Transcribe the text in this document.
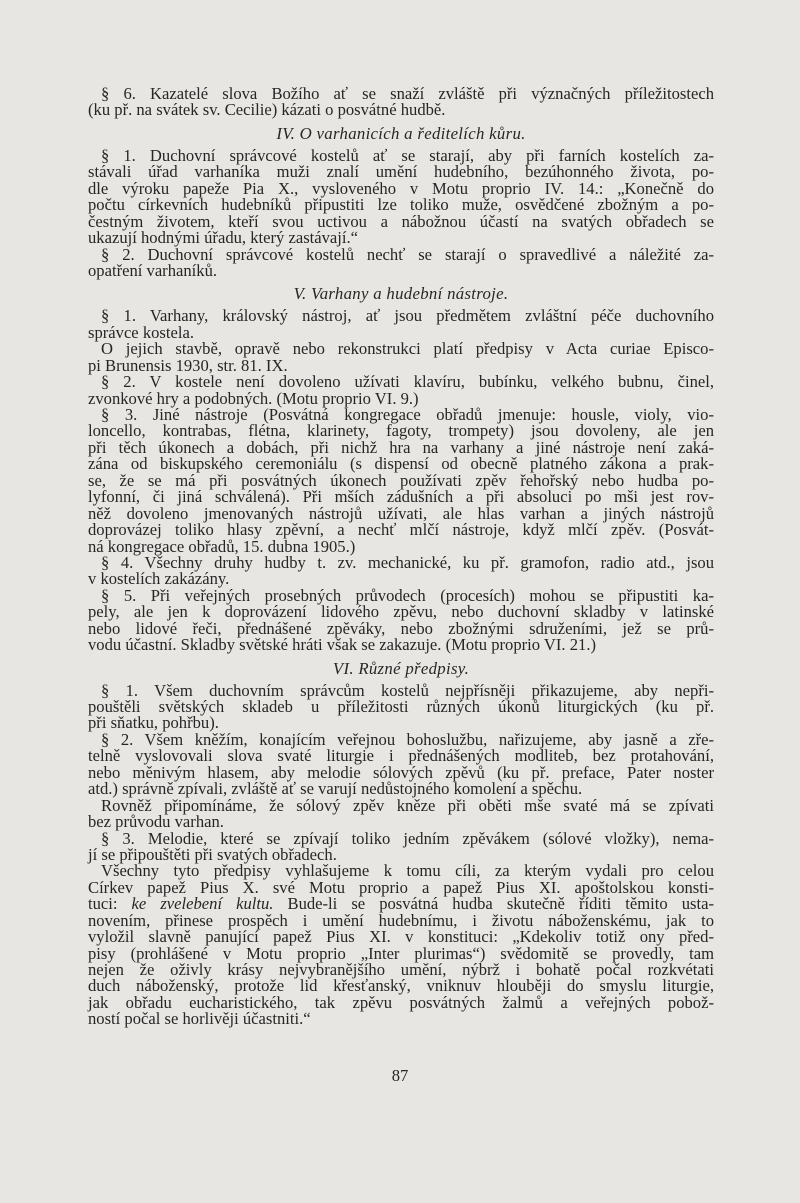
§ 6. Kazatelé slova Božího ať se snaží zvláště při význačných příležitostech
(ku př. na svátek sv. Cecilie) kázati o posvátné hudbě.
IV. O varhanicích a ředitelích kůru.
§ 1. Duchovní správcové kostelů ať se starají, aby při farních kostelích za-
stávali úřad varhaníka muži znalí umění hudebního, bezúhonného života, po-
dle výroku papeže Pia X., vysloveného v Motu proprio IV. 14.: „Konečně do
počtu církevních hudebníků připustiti lze toliko muže, osvědčené zbožným a po-
čestným životem, kteří svou uctivou a nábožnou účastí na svatých obřadech se
ukazují hodnými úřadu, který zastávají.“
§ 2. Duchovní správcové kostelů nechť se starají o spravedlivé a náležité za-
opatření varhaníků.
V. Varhany a hudební nástroje.
§ 1. Varhany, královský nástroj, ať jsou předmětem zvláštní péče duchovního
správce kostela.
O jejich stavbě, opravě nebo rekonstrukci platí předpisy v Acta curiae Episco-
pi Brunensis 1930, str. 81. IX.
§ 2. V kostele není dovoleno užívati klavíru, bubínku, velkého bubnu, činel,
zvonkové hry a podobných. (Motu proprio VI. 9.)
§ 3. Jiné nástroje (Posvátná kongregace obřadů jmenuje: housle, violy, vio-
loncello, kontrabas, flétna, klarinety, fagoty, trompety) jsou dovoleny, ale jen
při těch úkonech a dobách, při nichž hra na varhany a jiné nástroje není zaká-
zána od biskupského ceremoniálu (s dispensí od obecně platného zákona a prak-
se, že se má při posvátných úkonech používati zpěv řehořský nebo hudba po-
lyfonní, či jiná schválená). Při mších zádušních a při absoluci po mši jest rov-
něž dovoleno jmenovaných nástrojů užívati, ale hlas varhan a jiných nástrojů
doprovázej toliko hlasy zpěvní, a nechť mlčí nástroje, když mlčí zpěv. (Posvát-
ná kongregace obřadů, 15. dubna 1905.)
§ 4. Všechny druhy hudby t. zv. mechanické, ku př. gramofon, radio atd., jsou
v kostelích zakázány.
§ 5. Při veřejných prosebných průvodech (procesích) mohou se připustiti ka-
pely, ale jen k doprovázení lidového zpěvu, nebo duchovní skladby v latinské
nebo lidové řeči, přednášené zpěváky, nebo zbožnými sdruženími, jež se prů-
vodu účastní. Skladby světské hráti však se zakazuje. (Motu proprio VI. 21.)
VI. Různé předpisy.
§ 1. Všem duchovním správcům kostelů nejpřísněji přikazujeme, aby nepři-
pouštěli světských skladeb u příležitosti různých úkonů liturgických (ku př.
při sňatku, pohřbu).
§ 2. Všem kněžím, konajícím veřejnou bohoslužbu, nařizujeme, aby jasně a zře-
telně vyslovovali slova svaté liturgie i přednášených modliteb, bez protahování,
nebo měnivým hlasem, aby melodie sólových zpěvů (ku př. preface, Pater noster
atd.) správně zpívali, zvláště ať se varují nedůstojného komolení a spěchu.
Rovněž připomínáme, že sólový zpěv kněze při oběti mše svaté má se zpívati
bez průvodu varhan.
§ 3. Melodie, které se zpívají toliko jedním zpěvákem (sólové vložky), nema-
jí se připouštěti při svatých obřadech.
Všechny tyto předpisy vyhlašujeme k tomu cíli, za kterým vydali pro celou
Církev papež Pius X. své Motu proprio a papež Pius XI. apoštolskou konsti-
tuci: ke zvelebení kultu. Bude-li se posvátná hudba skutečně říditi těmito usta-
novením, přinese prospěch i umění hudebnímu, i životu náboženskému, jak to
vyložil slavně panující papež Pius XI. v konstituci: „Kdekoliv totiž ony před-
pisy (prohlášené v Motu proprio „Inter plurimas“) svědomitě se provedly, tam
nejen že oživly krásy nejvybranějšího umění, nýbrž i bohatě počal rozkvétati
duch náboženský, protože lid křesťanský, vniknuv hlouběji do smyslu liturgie,
jak obřadu eucharistického, tak zpěvu posvátných žalmů a veřejných pobož-
ností počal se horlivěji účastniti.“
87
